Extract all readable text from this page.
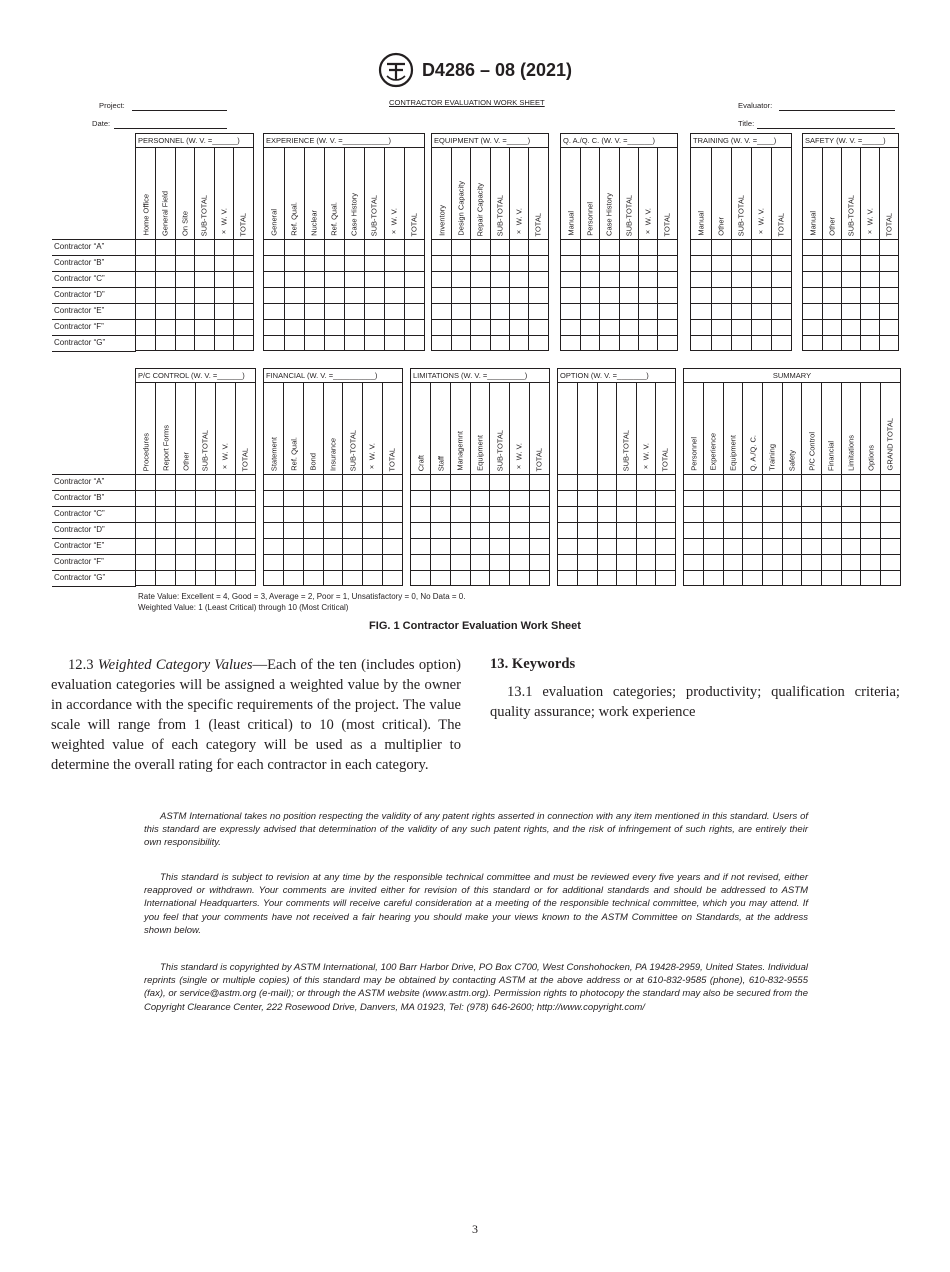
D4286 – 08 (2021)
Project:
Date:
CONTRACTOR EVALUATION WORK SHEET	Evaluator:
Title:
Contractor “A”
Contractor “B”
Contractor “C”
Contractor “D”
Contractor “E”
Contractor “F”
Contractor “G”
PERSONNEL (W. V. =______)
Home Office General Field On Site SUB-TOTAL × W. V. TOTAL
EXPERIENCE (W. V. =___________)
General Ref. Qual. Nuclear Ref. Qual. Case History SUB-TOTAL × W. V. TOTAL
EQUIPMENT (W. V. =_____)
Inventory Design Capacity Repair Capacity SUB-TOTAL × W. V. TOTAL
Q. A./Q. C. (W. V. =______)
Manual Personnel Case History SUB-TOTAL × W. V. TOTAL
TRAINING (W. V. =____)
Manual Other SUB-TOTAL × W. V. TOTAL
SAFETY (W. V. =_____)
Manual Other SUB-TOTAL × W. V. TOTAL
Contractor “A”
Contractor “B”
Contractor “C”
Contractor “D”
Contractor “E”
Contractor “F”
Contractor “G”
P/C CONTROL (W. V. =______)
Procedures Report Forms Other SUB-TOTAL × W. V. TOTAL
FINANCIAL (W. V. =__________)
Statement Ref. Qual. Bond Insurance SUB-TOTAL × W. V. TOTAL
LIMITATIONS (W. V. =_________)
Craft Staff Managemnt Equipment SUB-TOTAL × W. V. TOTAL
OPTION (W. V. =_______)
SUB-TOTAL × W. V. TOTAL
SUMMARY
Personnel Experience Equipment Q. A./Q. C. Training Safety P/C Control Financial Limitations Options GRAND TOTAL
Rate Value: Excellent = 4, Good = 3, Average = 2, Poor = 1, Unsatisfactory = 0, No Data = 0.
Weighted Value: 1 (Least Critical) through 10 (Most Critical)
FIG. 1 Contractor Evaluation Work Sheet
12.3 Weighted Category Values—Each of the ten (includes option) evaluation categories will be assigned a weighted value by the owner in accordance with the specific requirements of the project. The value scale will range from 1 (least critical) to 10 (most critical). The weighted value of each category will be used as a multiplier to determine the overall rating for each contractor in each category.
13. Keywords
13.1 evaluation categories; productivity; qualification criteria; quality assurance; work experience
ASTM International takes no position respecting the validity of any patent rights asserted in connection with any item mentioned in this standard. Users of this standard are expressly advised that determination of the validity of any such patent rights, and the risk of infringement of such rights, are entirely their own responsibility.
This standard is subject to revision at any time by the responsible technical committee and must be reviewed every five years and if not revised, either reapproved or withdrawn. Your comments are invited either for revision of this standard or for additional standards and should be addressed to ASTM International Headquarters. Your comments will receive careful consideration at a meeting of the responsible technical committee, which you may attend. If you feel that your comments have not received a fair hearing you should make your views known to the ASTM Committee on Standards, at the address shown below.
This standard is copyrighted by ASTM International, 100 Barr Harbor Drive, PO Box C700, West Conshohocken, PA 19428-2959, United States. Individual reprints (single or multiple copies) of this standard may be obtained by contacting ASTM at the above address or at 610-832-9585 (phone), 610-832-9555 (fax), or service@astm.org (e-mail); or through the ASTM website (www.astm.org). Permission rights to photocopy the standard may also be secured from the Copyright Clearance Center, 222 Rosewood Drive, Danvers, MA 01923, Tel: (978) 646-2600; http://www.copyright.com/
3
